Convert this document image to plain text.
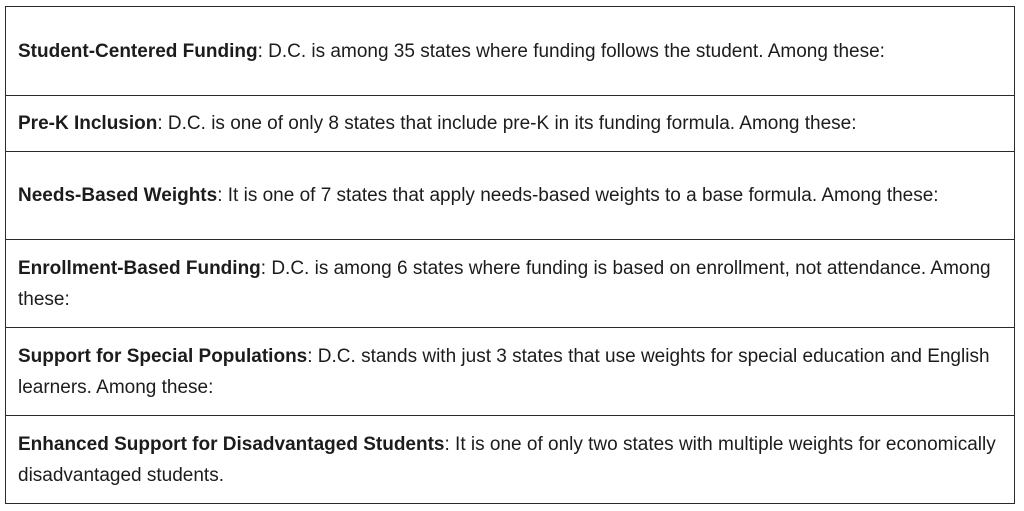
Student-Centered Funding: D.C. is among 35 states where funding follows the student. Among these:
Pre-K Inclusion: D.C. is one of only 8 states that include pre-K in its funding formula. Among these:
Needs-Based Weights: It is one of 7 states that apply needs-based weights to a base formula. Among these:
Enrollment-Based Funding: D.C. is among 6 states where funding is based on enrollment, not attendance. Among these:
Support for Special Populations: D.C. stands with just 3 states that use weights for special education and English learners. Among these:
Enhanced Support for Disadvantaged Students: It is one of only two states with multiple weights for economically disadvantaged students.
